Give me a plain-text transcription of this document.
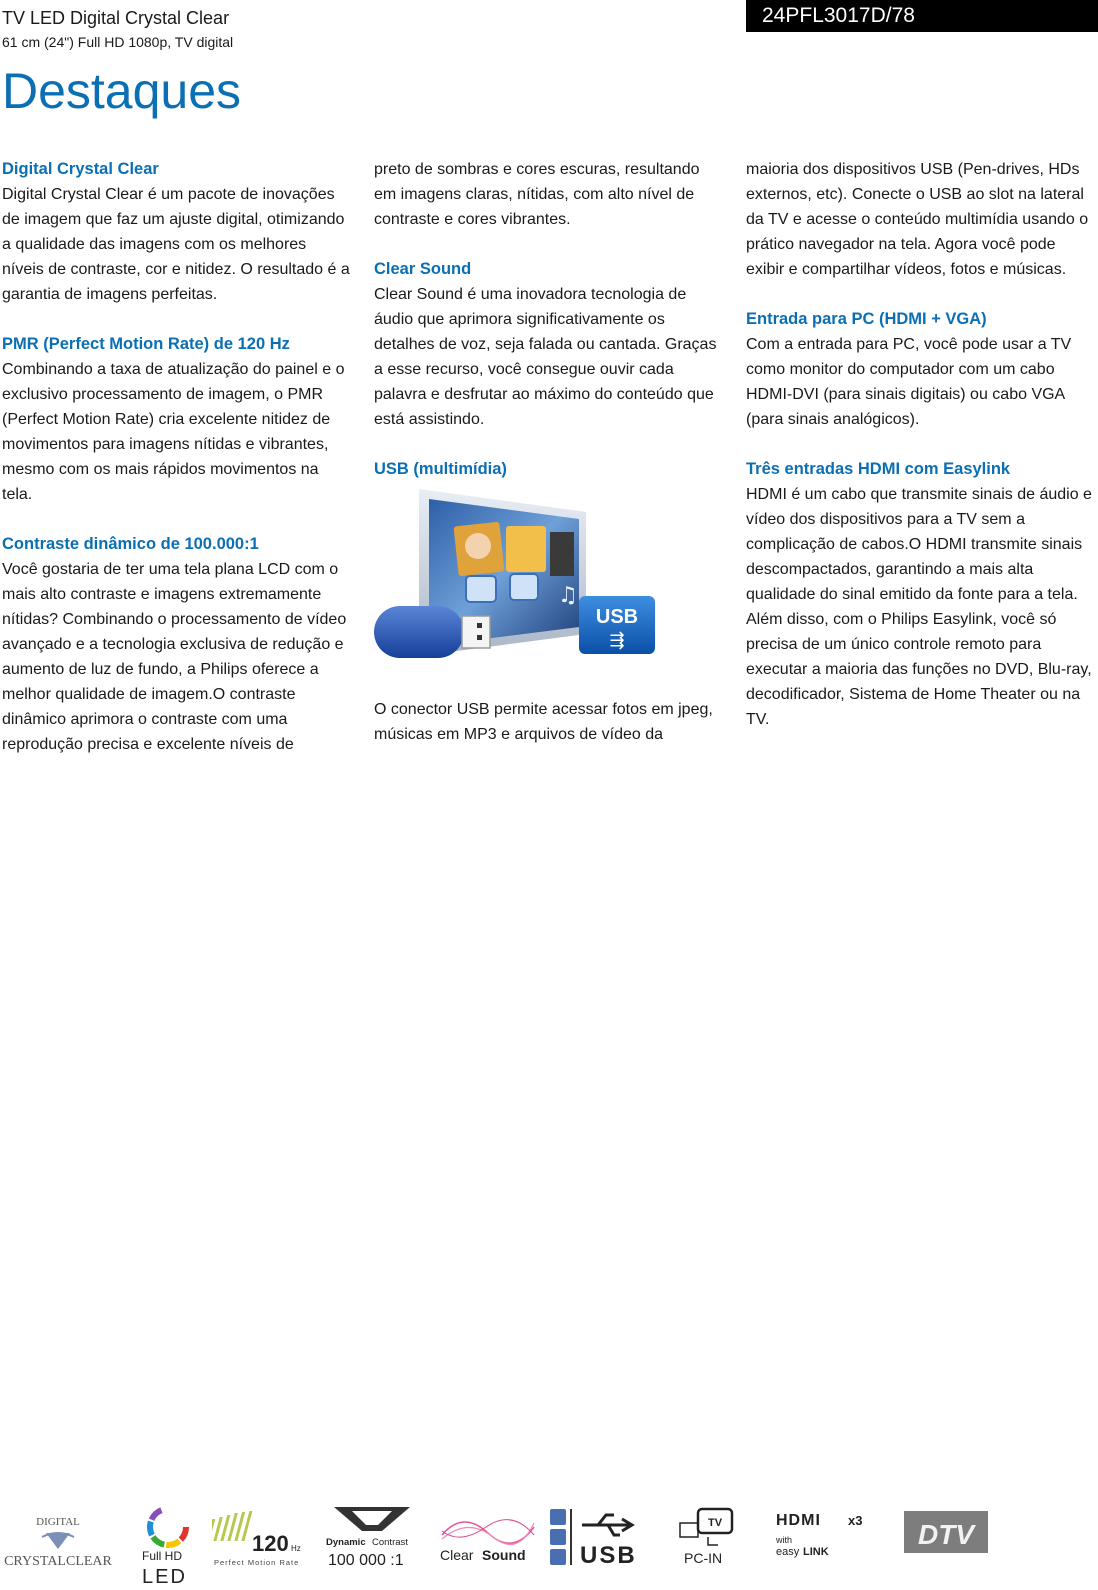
TV LED Digital Crystal Clear
61 cm (24") Full HD 1080p, TV digital
24PFL3017D/78
Destaques
Digital Crystal Clear

Digital Crystal Clear é um pacote de inovações de imagem que faz um ajuste digital, otimizando a qualidade das imagens com os melhores níveis de contraste, cor e nitidez. O resultado é a garantia de imagens perfeitas.

PMR (Perfect Motion Rate) de 120 Hz

Combinando a taxa de atualização do painel e o exclusivo processamento de imagem, o PMR (Perfect Motion Rate) cria excelente nitidez de movimentos para imagens nítidas e vibrantes, mesmo com os mais rápidos movimentos na tela.

Contraste dinâmico de 100.000:1

Você gostaria de ter uma tela plana LCD com o mais alto contraste e imagens extremamente nítidas? Combinando o processamento de vídeo avançado e a tecnologia exclusiva de redução e aumento de luz de fundo, a Philips oferece a melhor qualidade de imagem.O contraste dinâmico aprimora o contraste com uma reprodução precisa e excelente níveis de

preto de sombras e cores escuras, resultando em imagens claras, nítidas, com alto nível de contraste e cores vibrantes.

Clear Sound

Clear Sound é uma inovadora tecnologia de áudio que aprimora significativamente os detalhes de voz, seja falada ou cantada. Graças a esse recurso, você consegue ouvir cada palavra e desfrutar ao máximo do conteúdo que está assistindo.

USB (multimídia)
♫
USB
⇶

O conector USB permite acessar fotos em jpeg, músicas em MP3 e arquivos de vídeo da

maioria dos dispositivos USB (Pen-drives, HDs externos, etc). Conecte o USB ao slot na lateral da TV e acesse o conteúdo multimídia usando o prático navegador na tela. Agora você pode exibir e compartilhar vídeos, fotos e músicas.

Entrada para PC (HDMI + VGA)

Com a entrada para PC, você pode usar a TV como monitor do computador com um cabo HDMI-DVI (para sinais digitais) ou cabo VGA (para sinais analógicos).

Três entradas HDMI com Easylink

HDMI é um cabo que transmite sinais de áudio e vídeo dos dispositivos para a TV sem a complicação de cabos.O HDMI transmite sinais descompactados, garantindo a mais alta qualidade do sinal emitido da fonte para a tela. Além disso, com o Philips Easylink, você só precisa de um único controle remoto para executar a maioria das funções no DVD, Blu-ray, decodificador, Sistema de Home Theater ou na TV.

DIGITAL
CRYSTALCLEAR	Full HD
LED
120 Hz
Perfect Motion Rate
Dynamic Contrast
100 000 :1	Clear Sound USB
TV
PC-IN
HDMI x3
with
easy LINK
DTV
